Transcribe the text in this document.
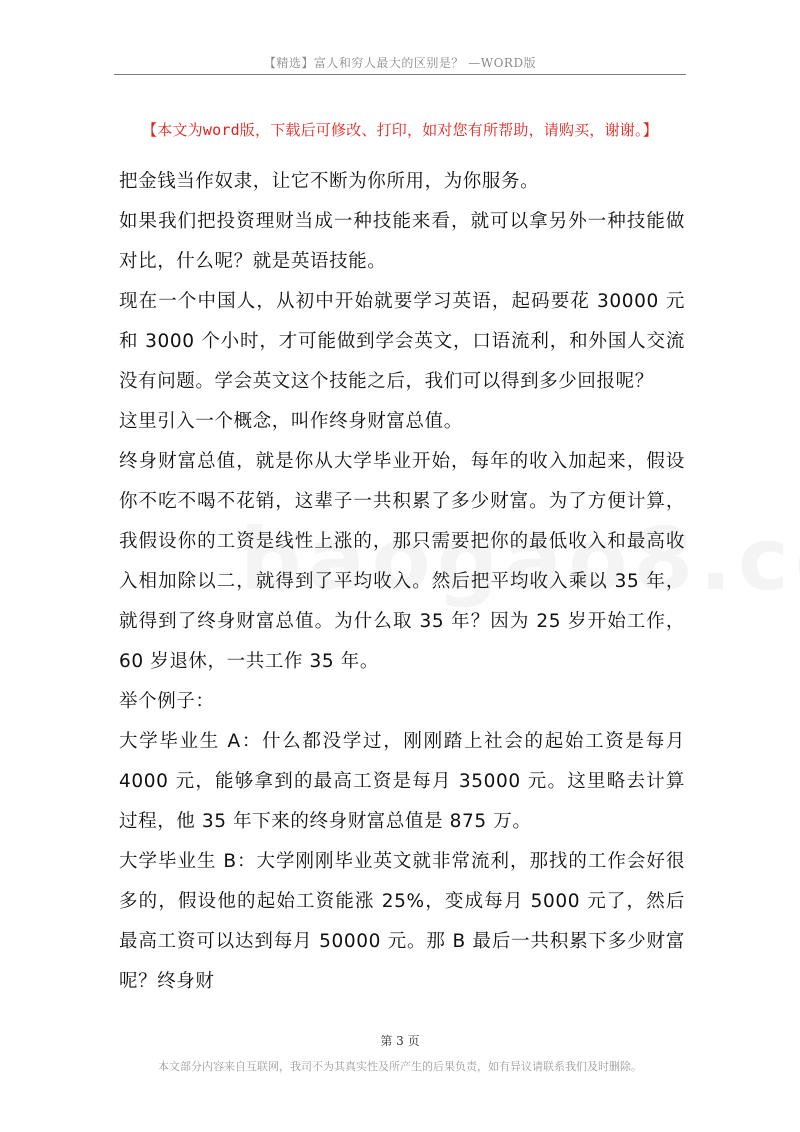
【精选】富人和穷人最大的区别是？ —WORD版
【本文为word版，下载后可修改、打印，如对您有所帮助，请购买，谢谢。】

把金钱当作奴隶，让它不断为你所用，为你服务。

如果我们把投资理财当成一种技能来看，就可以拿另外一种技能做对比，什么呢？就是英语技能。

现在一个中国人，从初中开始就要学习英语，起码要花 30000 元和 3000 个小时，才可能做到学会英文，口语流利，和外国人交流没有问题。学会英文这个技能之后，我们可以得到多少回报呢？

这里引入一个概念，叫作终身财富总值。

终身财富总值，就是你从大学毕业开始，每年的收入加起来，假设你不吃不喝不花销，这辈子一共积累了多少财富。为了方便计算，我假设你的工资是线性上涨的，那只需要把你的最低收入和最高收入相加除以二，就得到了平均收入。然后把平均收入乘以 35 年，就得到了终身财富总值。为什么取 35 年？因为 25 岁开始工作，60 岁退休，一共工作 35 年。

举个例子：

大学毕业生 A：什么都没学过，刚刚踏上社会的起始工资是每月 4000 元，能够拿到的最高工资是每月 35000 元。这里略去计算过程，他 35 年下来的终身财富总值是 875 万。

大学毕业生 B：大学刚刚毕业英文就非常流利，那找的工作会好很多的，假设他的起始工资能涨 25%，变成每月 5000 元了，然后最高工资可以达到每月 50000 元。那 B 最后一共积累下多少财富呢？终身财

第 3 页
本文部分内容来自互联网，我司不为其真实性及所产生的后果负责，如有异议请联系我们及时删除。
